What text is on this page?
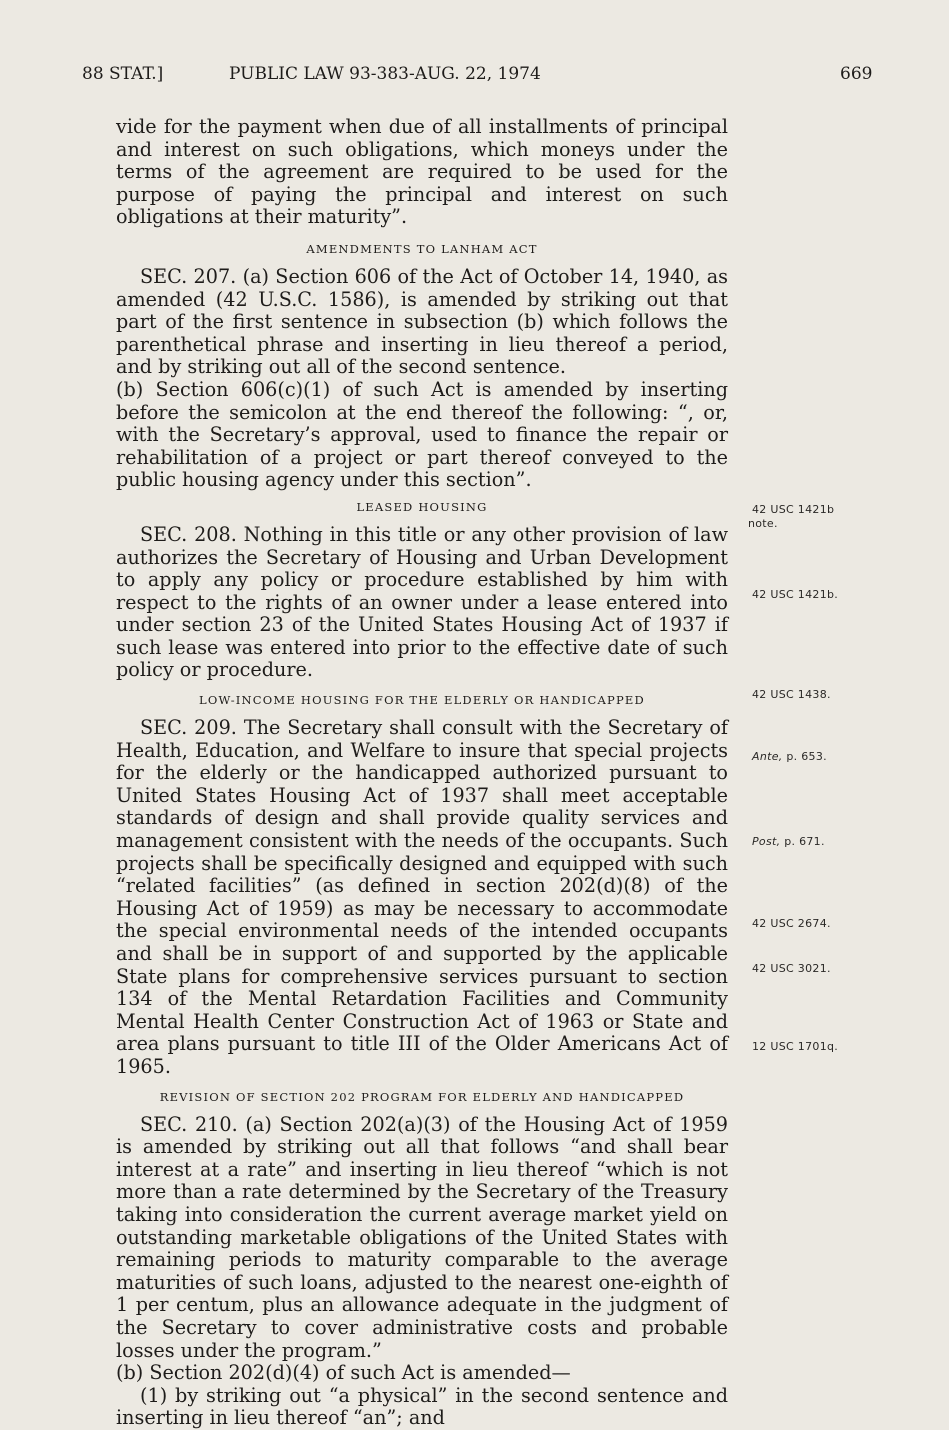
88 STAT.]	PUBLIC LAW 93-383-AUG. 22, 1974	669

vide for the payment when due of all installments of principal and interest on such obligations, which moneys under the terms of the agreement are required to be used for the purpose of paying the principal and interest on such obligations at their maturity”.

AMENDMENTS TO LANHAM ACT

SEC. 207. (a) Section 606 of the Act of October 14, 1940, as amended (42 U.S.C. 1586), is amended by striking out that part of the first sentence in subsection (b) which follows the parenthetical phrase and inserting in lieu thereof a period, and by striking out all of the second sentence.

(b) Section 606(c)(1) of such Act is amended by inserting before the semicolon at the end thereof the following: “, or, with the Secretary’s approval, used to finance the repair or rehabilitation of a project or part thereof conveyed to the public housing agency under this section”.

LEASED HOUSING

SEC. 208. Nothing in this title or any other provision of law authorizes the Secretary of Housing and Urban Development to apply any policy or procedure established by him with respect to the rights of an owner under a lease entered into under section 23 of the United States Housing Act of 1937 if such lease was entered into prior to the effective date of such policy or procedure.

LOW-INCOME HOUSING FOR THE ELDERLY OR HANDICAPPED

SEC. 209. The Secretary shall consult with the Secretary of Health, Education, and Welfare to insure that special projects for the elderly or the handicapped authorized pursuant to United States Housing Act of 1937 shall meet acceptable standards of design and shall provide quality services and management consistent with the needs of the occupants. Such projects shall be specifically designed and equipped with such “related facilities” (as defined in section 202(d)(8) of the Housing Act of 1959) as may be necessary to accommodate the special environmental needs of the intended occupants and shall be in support of and supported by the applicable State plans for comprehensive services pursuant to section 134 of the Mental Retardation Facilities and Community Mental Health Center Construction Act of 1963 or State and area plans pursuant to title III of the Older Americans Act of 1965.

REVISION OF SECTION 202 PROGRAM FOR ELDERLY AND HANDICAPPED

SEC. 210. (a) Section 202(a)(3) of the Housing Act of 1959 is amended by striking out all that follows “and shall bear interest at a rate” and inserting in lieu thereof “which is not more than a rate determined by the Secretary of the Treasury taking into consideration the current average market yield on outstanding marketable obligations of the United States with remaining periods to maturity comparable to the average maturities of such loans, adjusted to the nearest one-eighth of 1 per centum, plus an allowance adequate in the judgment of the Secretary to cover administrative costs and probable losses under the program.”

(b) Section 202(d)(4) of such Act is amended—

(1) by striking out “a physical” in the second sentence and inserting in lieu thereof “an”; and

42 USC 1421b
note.
42 USC 1421b.
42 USC 1438.
Ante, p. 653.
Post, p. 671.
42 USC 2674.
42 USC 3021.
12 USC 1701q.
